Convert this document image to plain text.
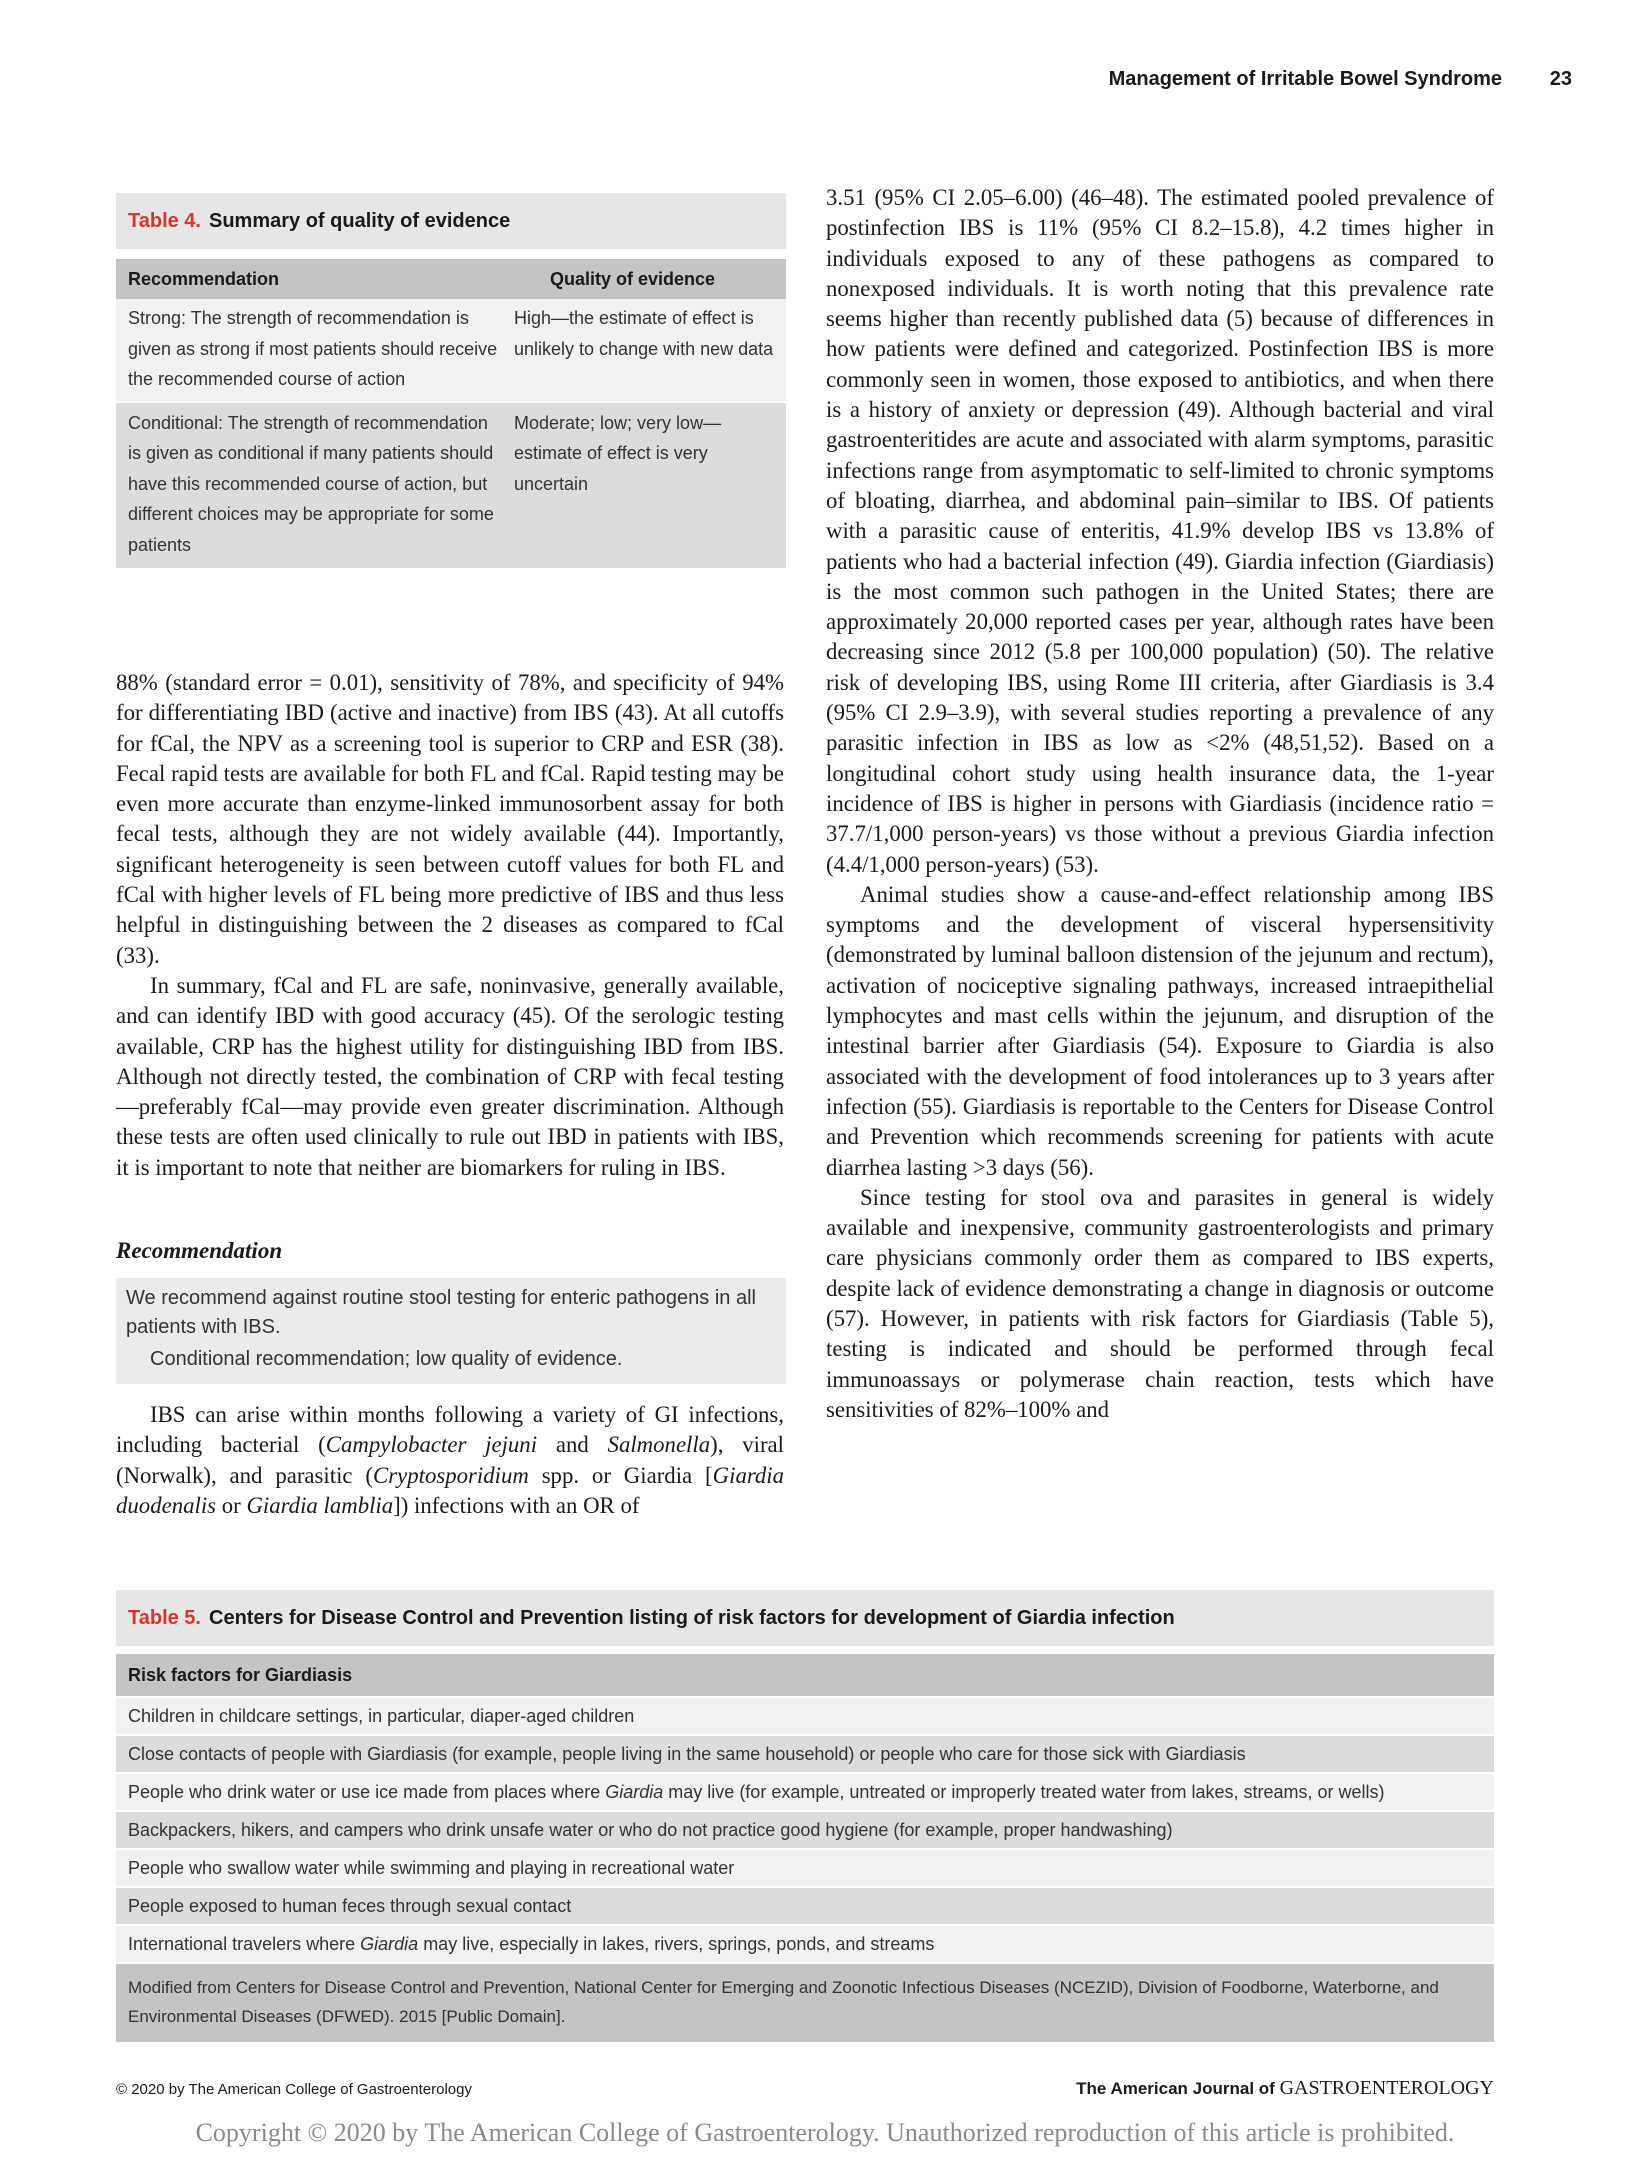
Management of Irritable Bowel Syndrome 23
Table 4. Summary of quality of evidence
Recommendation	Quality of evidence
Strong: The strength of recommendation is given as strong if most patients should receive the recommended course of action
High—the estimate of effect is unlikely to change with new data
Conditional: The strength of recommendation is given as conditional if many patients should have this recommended course of action, but different choices may be appropriate for some patients
Moderate; low; very low—estimate of effect is very uncertain

88% (standard error = 0.01), sensitivity of 78%, and specificity of 94% for differentiating IBD (active and inactive) from IBS (43). At all cutoffs for fCal, the NPV as a screening tool is superior to CRP and ESR (38). Fecal rapid tests are available for both FL and fCal. Rapid testing may be even more accurate than enzyme-linked immunosorbent assay for both fecal tests, although they are not widely available (44). Importantly, significant heterogeneity is seen between cutoff values for both FL and fCal with higher levels of FL being more predictive of IBS and thus less helpful in distinguishing between the 2 diseases as compared to fCal (33).

In summary, fCal and FL are safe, noninvasive, generally available, and can identify IBD with good accuracy (45). Of the serologic testing available, CRP has the highest utility for distinguishing IBD from IBS. Although not directly tested, the combination of CRP with fecal testing—preferably fCal—may provide even greater discrimination. Although these tests are often used clinically to rule out IBD in patients with IBS, it is important to note that neither are biomarkers for ruling in IBS.

Recommendation
We recommend against routine stool testing for enteric pathogens in all patients with IBS.
Conditional recommendation; low quality of evidence.

IBS can arise within months following a variety of GI infections, including bacterial (Campylobacter jejuni and Salmonella), viral (Norwalk), and parasitic (Cryptosporidium spp. or Giardia [Giardia duodenalis or Giardia lamblia]) infections with an OR of

3.51 (95% CI 2.05–6.00) (46–48). The estimated pooled prevalence of postinfection IBS is 11% (95% CI 8.2–15.8), 4.2 times higher in individuals exposed to any of these pathogens as compared to nonexposed individuals. It is worth noting that this prevalence rate seems higher than recently published data (5) because of differences in how patients were defined and categorized. Postinfection IBS is more commonly seen in women, those exposed to antibiotics, and when there is a history of anxiety or depression (49). Although bacterial and viral gastroenteritides are acute and associated with alarm symptoms, parasitic infections range from asymptomatic to self-limited to chronic symptoms of bloating, diarrhea, and abdominal pain–similar to IBS. Of patients with a parasitic cause of enteritis, 41.9% develop IBS vs 13.8% of patients who had a bacterial infection (49). Giardia infection (Giardiasis) is the most common such pathogen in the United States; there are approximately 20,000 reported cases per year, although rates have been decreasing since 2012 (5.8 per 100,000 population) (50). The relative risk of developing IBS, using Rome III criteria, after Giardiasis is 3.4 (95% CI 2.9–3.9), with several studies reporting a prevalence of any parasitic infection in IBS as low as <2% (48,51,52). Based on a longitudinal cohort study using health insurance data, the 1-year incidence of IBS is higher in persons with Giardiasis (incidence ratio = 37.7/1,000 person-years) vs those without a previous Giardia infection (4.4/1,000 person-years) (53).

Animal studies show a cause-and-effect relationship among IBS symptoms and the development of visceral hypersensitivity (demonstrated by luminal balloon distension of the jejunum and rectum), activation of nociceptive signaling pathways, increased intraepithelial lymphocytes and mast cells within the jejunum, and disruption of the intestinal barrier after Giardiasis (54). Exposure to Giardia is also associated with the development of food intolerances up to 3 years after infection (55). Giardiasis is reportable to the Centers for Disease Control and Prevention which recommends screening for patients with acute diarrhea lasting >3 days (56).

Since testing for stool ova and parasites in general is widely available and inexpensive, community gastroenterologists and primary care physicians commonly order them as compared to IBS experts, despite lack of evidence demonstrating a change in diagnosis or outcome (57). However, in patients with risk factors for Giardiasis (Table 5), testing is indicated and should be performed through fecal immunoassays or polymerase chain reaction, tests which have sensitivities of 82%–100% and

Table 5. Centers for Disease Control and Prevention listing of risk factors for development of Giardia infection
Risk factors for Giardiasis
Children in childcare settings, in particular, diaper-aged children
Close contacts of people with Giardiasis (for example, people living in the same household) or people who care for those sick with Giardiasis
People who drink water or use ice made from places where
Giardia
may live (for example, untreated or improperly treated water from lakes, streams, or wells)
Backpackers, hikers, and campers who drink unsafe water or who do not practice good hygiene (for example, proper handwashing)
People who swallow water while swimming and playing in recreational water
People exposed to human feces through sexual contact
International travelers where
Giardia
may live, especially in lakes, rivers, springs, ponds, and streams
Modified from Centers for Disease Control and Prevention, National Center for Emerging and Zoonotic Infectious Diseases (NCEZID), Division of Foodborne, Waterborne, and Environmental Diseases (DFWED). 2015 [Public Domain].
© 2020 by The American College of Gastroenterology	The American Journal of GASTROENTEROLOGY
Copyright © 2020 by The American College of Gastroenterology. Unauthorized reproduction of this article is prohibited.
